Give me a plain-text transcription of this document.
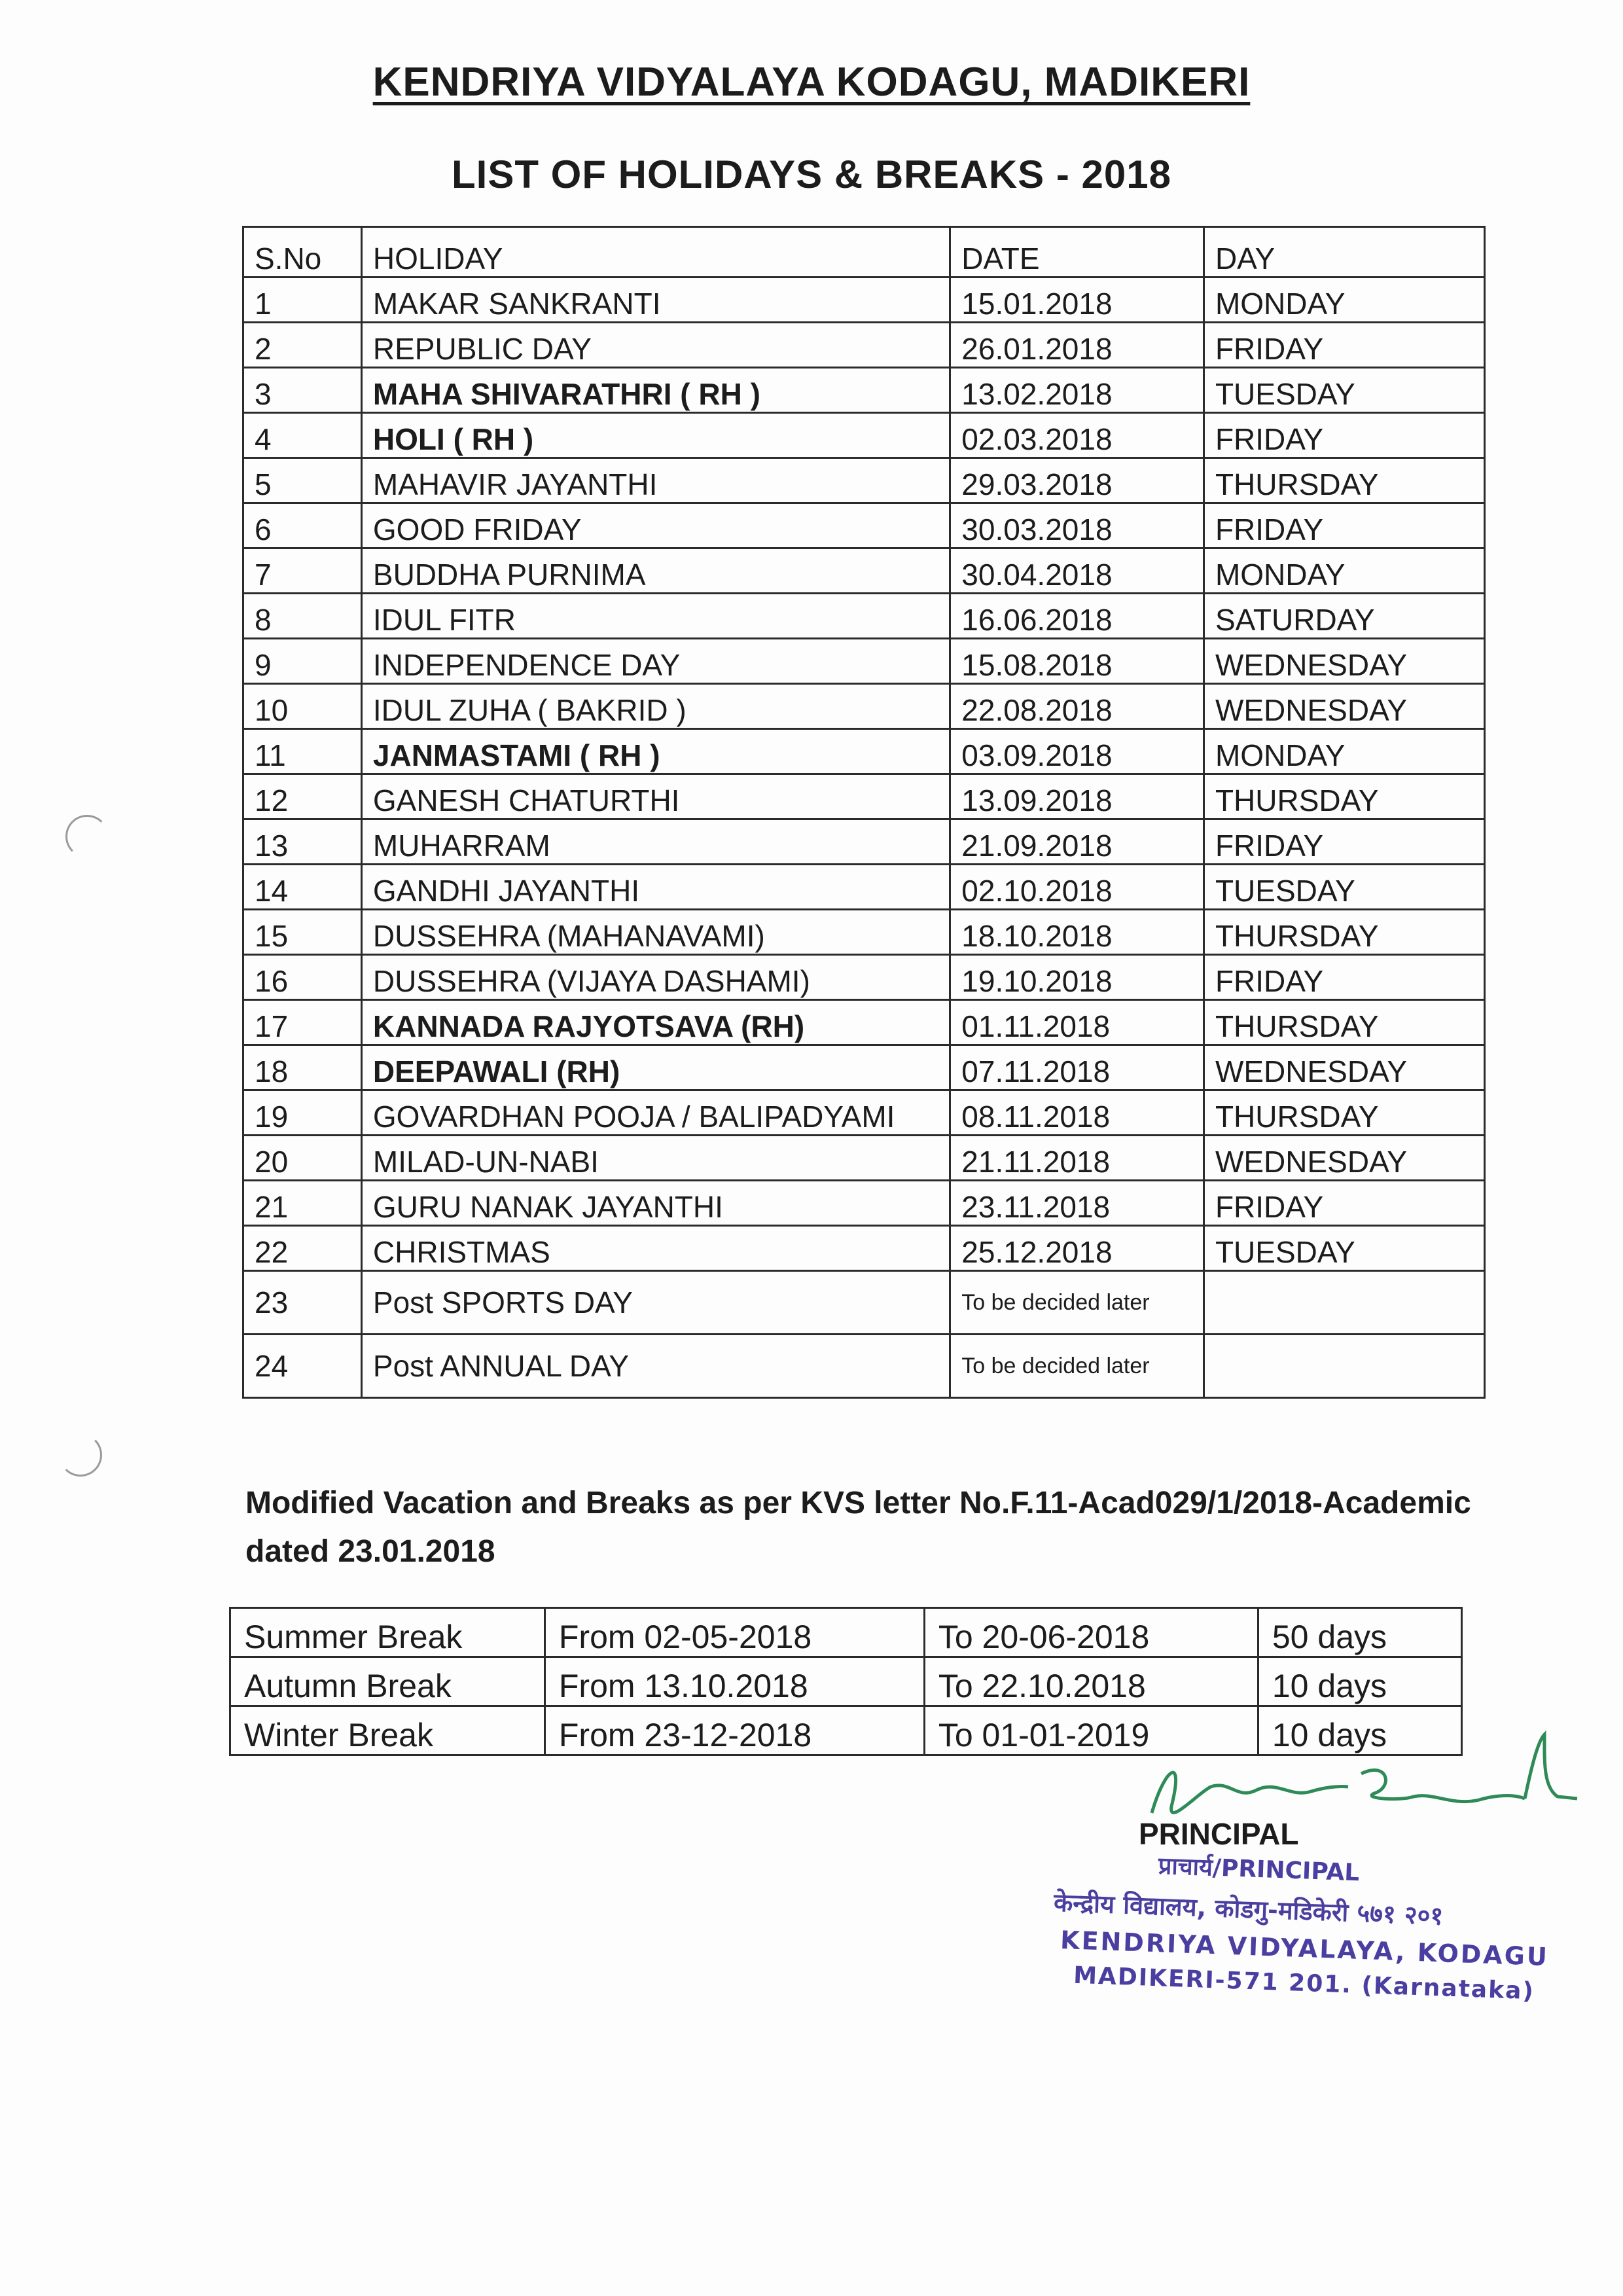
KENDRIYA VIDYALAYA KODAGU, MADIKERI
LIST OF HOLIDAYS & BREAKS - 2018
S.No	HOLIDAY	DATE	DAY
1	MAKAR SANKRANTI	15.01.2018	MONDAY
2	REPUBLIC DAY	26.01.2018	FRIDAY
3	MAHA SHIVARATHRI ( RH )	13.02.2018	TUESDAY
4	HOLI ( RH )	02.03.2018	FRIDAY
5	MAHAVIR JAYANTHI	29.03.2018	THURSDAY
6	GOOD FRIDAY	30.03.2018	FRIDAY
7	BUDDHA PURNIMA	30.04.2018	MONDAY
8	IDUL FITR	16.06.2018	SATURDAY
9	INDEPENDENCE DAY	15.08.2018	WEDNESDAY
10	IDUL ZUHA ( BAKRID )	22.08.2018	WEDNESDAY
11	JANMASTAMI ( RH )	03.09.2018	MONDAY
12	GANESH CHATURTHI	13.09.2018	THURSDAY
13	MUHARRAM	21.09.2018	FRIDAY
14	GANDHI JAYANTHI	02.10.2018	TUESDAY
15	DUSSEHRA (MAHANAVAMI)	18.10.2018	THURSDAY
16	DUSSEHRA (VIJAYA DASHAMI)	19.10.2018	FRIDAY
17	KANNADA RAJYOTSAVA (RH)	01.11.2018	THURSDAY
18	DEEPAWALI (RH)	07.11.2018	WEDNESDAY
19	GOVARDHAN POOJA / BALIPADYAMI	08.11.2018	THURSDAY
20	MILAD-UN-NABI	21.11.2018	WEDNESDAY
21	GURU NANAK JAYANTHI	23.11.2018	FRIDAY
22	CHRISTMAS	25.12.2018	TUESDAY
23	Post SPORTS DAY	To be decided later	
24	Post ANNUAL DAY	To be decided later	
Modified Vacation and Breaks as per KVS letter No.F.11-Acad029/1/2018-Academic dated 23.01.2018
Summer Break	From 02-05-2018	To 20-06-2018	50 days
Autumn Break	From 13.10.2018	To 22.10.2018	10 days
Winter Break	From 23-12-2018	To 01-01-2019	10 days
PRINCIPAL
प्राचार्य/PRINCIPAL
केन्द्रीय विद्यालय, कोडगु-मडिकेरी ५७१ २०१
KENDRIYA VIDYALAYA, KODAGU
MADIKERI-571 201. (Karnataka)
